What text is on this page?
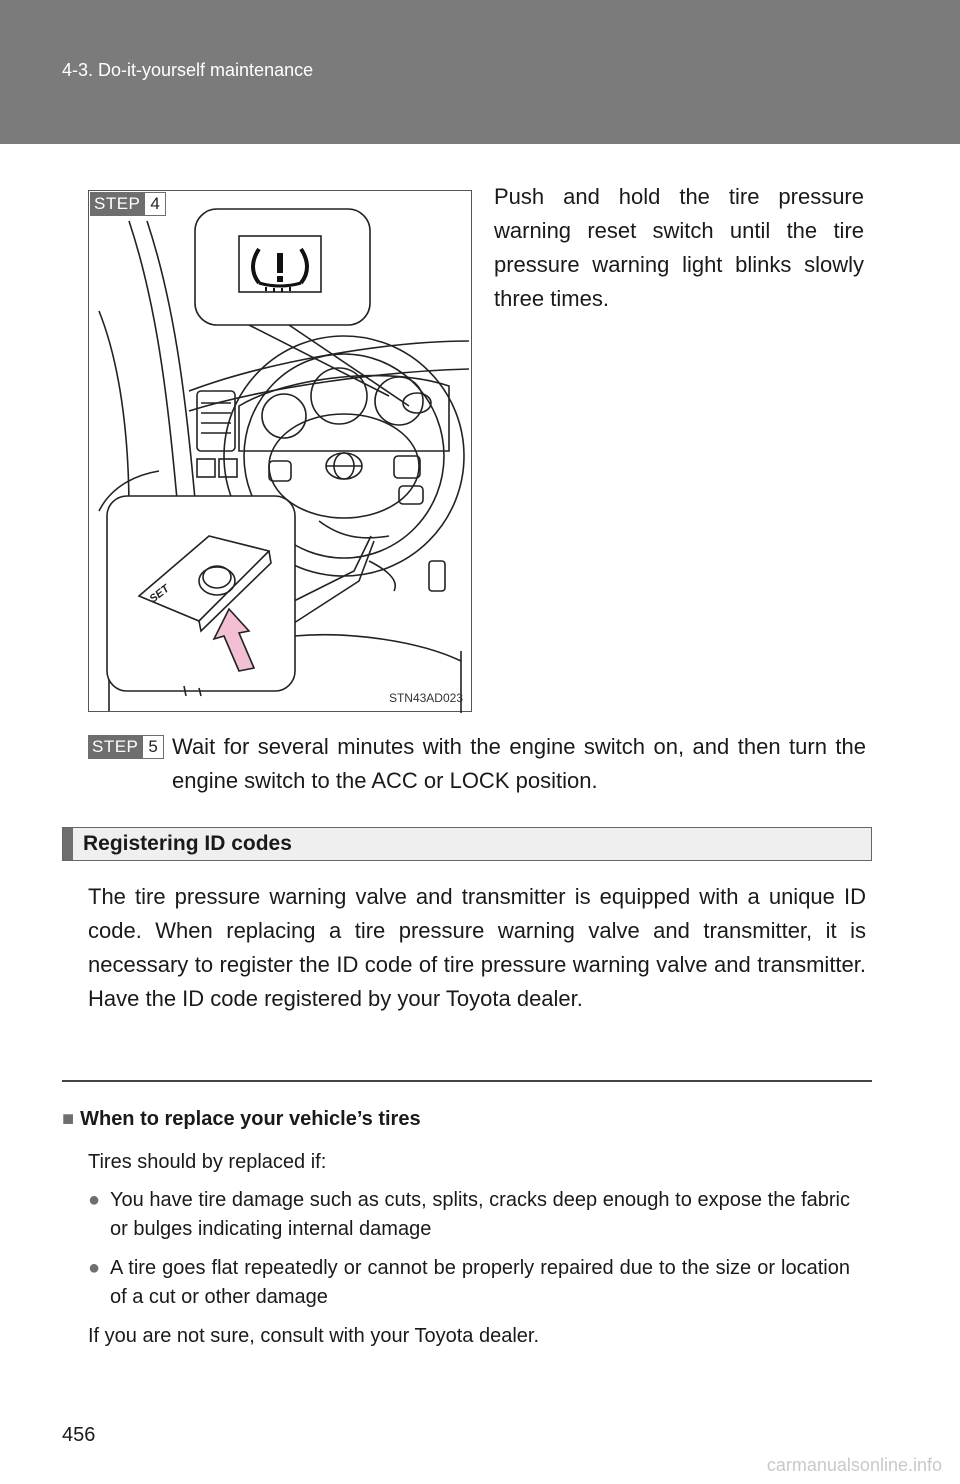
4-3. Do-it-yourself maintenance
SET
STN43AD023
STEP 4	Push and hold the tire pressure warning reset switch until the tire pressure warning light blinks slowly three times.
STEP 5 Wait for several minutes with the engine switch on, and then turn the engine switch to the ACC or LOCK position.
Registering ID codes
The tire pressure warning valve and transmitter is equipped with a unique ID code. When replacing a tire pressure warning valve and transmitter, it is necessary to register the ID code of tire pressure warning valve and transmitter. Have the ID code registered by your Toyota dealer.
■ When to replace your vehicle’s tires
Tires should by replaced if:
● You have tire damage such as cuts, splits, cracks deep enough to expose the fabric or bulges indicating internal damage
● A tire goes flat repeatedly or cannot be properly repaired due to the size or location of a cut or other damage
If you are not sure, consult with your Toyota dealer.
456
carmanualsonline.info
